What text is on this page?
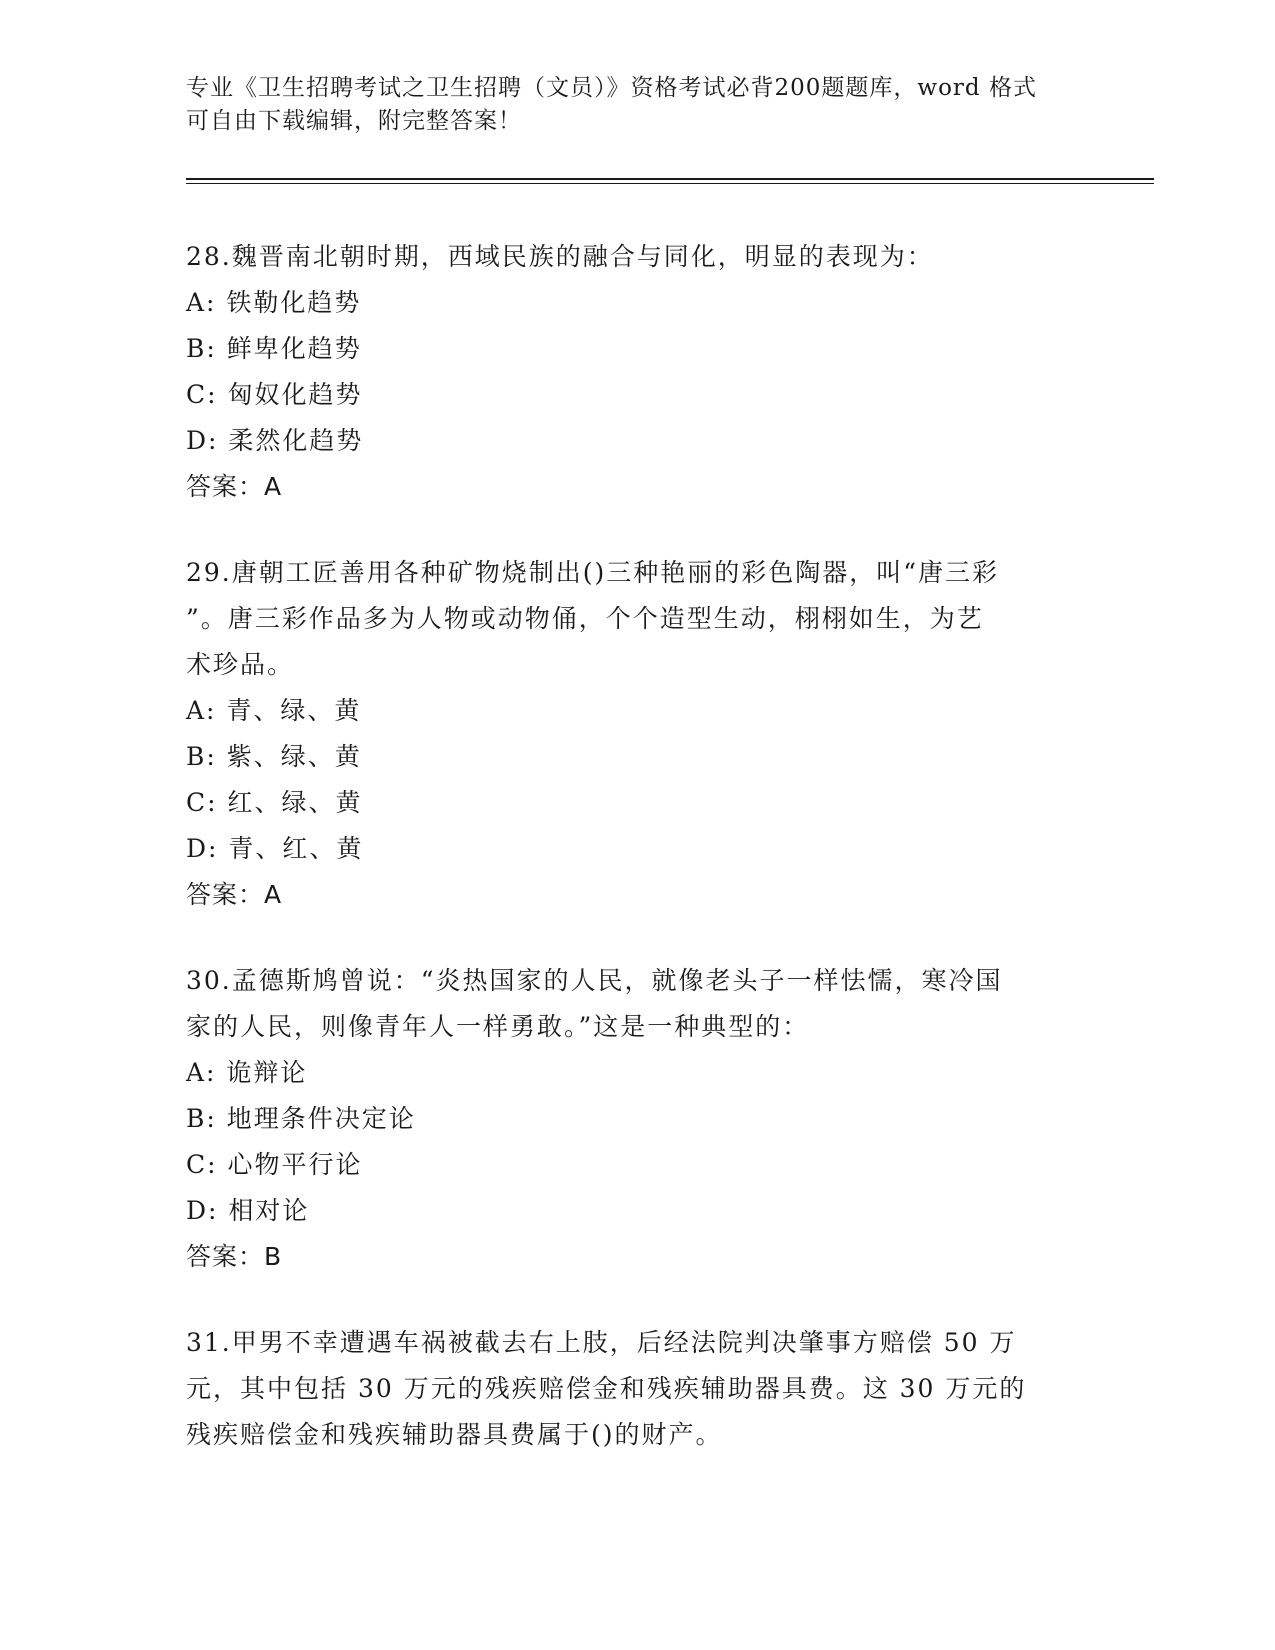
专业《卫生招聘考试之卫生招聘（文员）》资格考试必背200题题库，word 格式
可自由下载编辑，附完整答案！
28.魏晋南北朝时期，西域民族的融合与同化，明显的表现为：
A: 铁勒化趋势
B: 鲜卑化趋势
C: 匈奴化趋势
D: 柔然化趋势
答案：A
29.唐朝工匠善用各种矿物烧制出()三种艳丽的彩色陶器，叫“唐三彩
”。唐三彩作品多为人物或动物俑，个个造型生动，栩栩如生，为艺
术珍品。
A: 青、绿、黄
B: 紫、绿、黄
C: 红、绿、黄
D: 青、红、黄
答案：A
30.孟德斯鸠曾说：“炎热国家的人民，就像老头子一样怯懦，寒冷国
家的人民，则像青年人一样勇敢。”这是一种典型的：
A: 诡辩论
B: 地理条件决定论
C: 心物平行论
D: 相对论
答案：B
31.甲男不幸遭遇车祸被截去右上肢，后经法院判决肇事方赔偿 50 万
元，其中包括 30 万元的残疾赔偿金和残疾辅助器具费。这 30 万元的
残疾赔偿金和残疾辅助器具费属于()的财产。
